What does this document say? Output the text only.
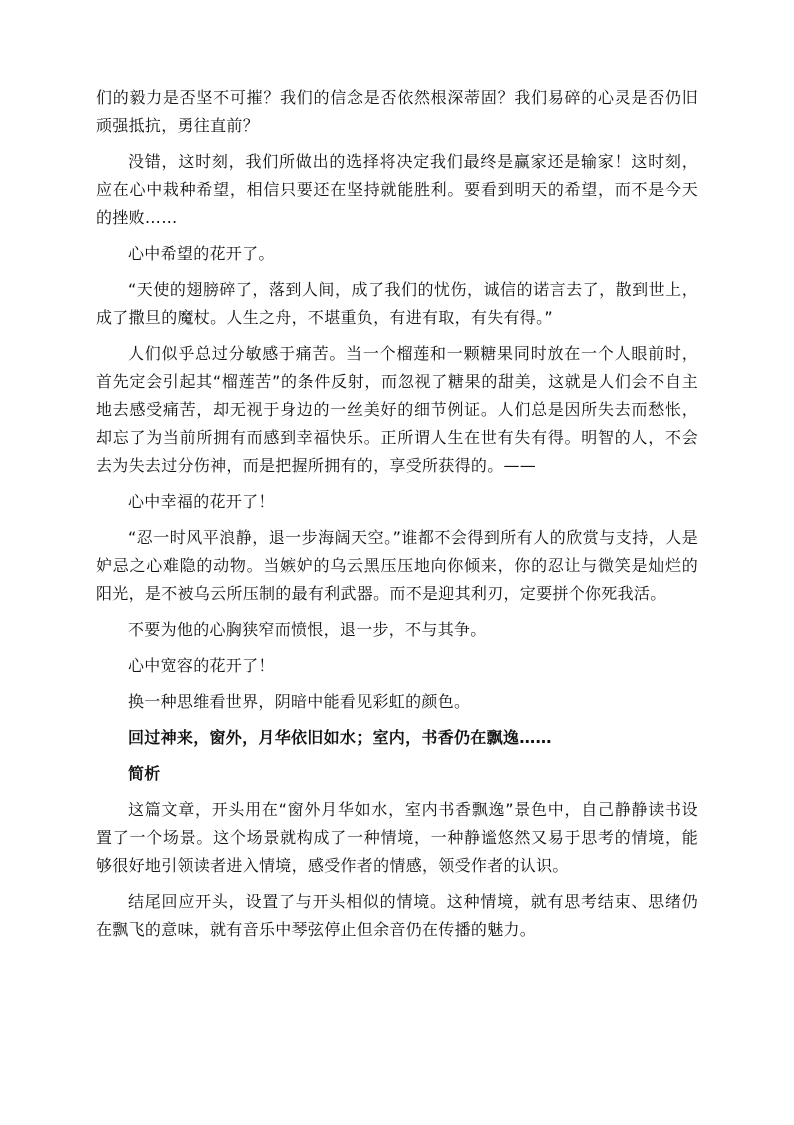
们的毅力是否坚不可摧？我们的信念是否依然根深蒂固？我们易碎的心灵是否仍旧顽强抵抗，勇往直前？

没错，这时刻，我们所做出的选择将决定我们最终是赢家还是输家！这时刻，应在心中栽种希望，相信只要还在坚持就能胜利。要看到明天的希望，而不是今天的挫败……

心中希望的花开了。

“天使的翅膀碎了，落到人间，成了我们的忧伤，诚信的诺言去了，散到世上，成了撒旦的魔杖。人生之舟，不堪重负，有进有取，有失有得。”

人们似乎总过分敏感于痛苦。当一个榴莲和一颗糖果同时放在一个人眼前时，首先定会引起其“榴莲苦”的条件反射，而忽视了糖果的甜美，这就是人们会不自主地去感受痛苦，却无视于身边的一丝美好的细节例证。人们总是因所失去而愁怅，却忘了为当前所拥有而感到幸福快乐。正所谓人生在世有失有得。明智的人，不会去为失去过分伤神，而是把握所拥有的，享受所获得的。——

心中幸福的花开了！

“忍一时风平浪静，退一步海阔天空。”谁都不会得到所有人的欣赏与支持，人是妒忌之心难隐的动物。当嫉妒的乌云黑压压地向你倾来，你的忍让与微笑是灿烂的阳光，是不被乌云所压制的最有利武器。而不是迎其利刃，定要拼个你死我活。

不要为他的心胸狭窄而愤恨，退一步，不与其争。

心中宽容的花开了！

换一种思维看世界，阴暗中能看见彩虹的颜色。

回过神来，窗外，月华依旧如水；室内，书香仍在飘逸……

简析

这篇文章，开头用在“窗外月华如水，室内书香飘逸”景色中，自己静静读书设置了一个场景。这个场景就构成了一种情境，一种静谧悠然又易于思考的情境，能够很好地引领读者进入情境，感受作者的情感，领受作者的认识。

结尾回应开头，设置了与开头相似的情境。这种情境，就有思考结束、思绪仍在飘飞的意味，就有音乐中琴弦停止但余音仍在传播的魅力。
